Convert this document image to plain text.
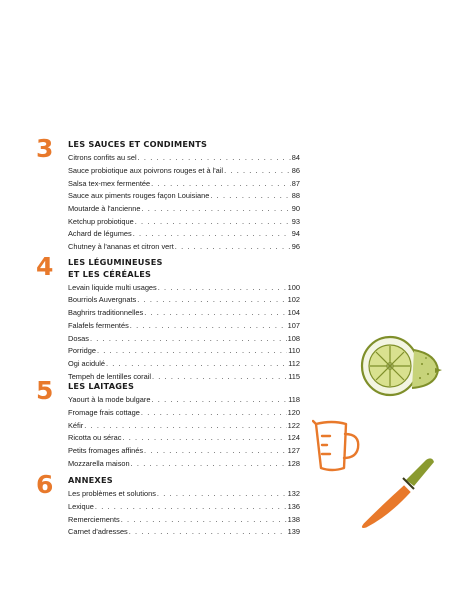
3 LES SAUCES ET CONDIMENTS
Citrons confits au sel . . .	84
Sauce probiotique aux poivrons rouges et à l'ail . . .	86
Salsa tex-mex fermentée . . .	87
Sauce aux piments rouges façon Louisiane . . .	88
Moutarde à l'ancienne . . .	90
Ketchup probiotique . . .	93
Achard de légumes . . .	94
Chutney à l'ananas et citron vert . . .	96
4 LES LÉGUMINEUSES
ET LES CÉRÉALES
Levain liquide multi usages . . .	100
Bourriols Auvergnats . . .	102
Baghrirs traditionnelles . . .	104
Falafels fermentés . . .	107
Dosas . . .	108
Porridge . . .	110
Ogi acidulé . . .	112
Tempeh de lentilles corail . . .	115
5 LES LAITAGES
Yaourt à la mode bulgare . . .	118
Fromage frais cottage . . .	120
Kéfir . . .	122
Ricotta ou sérac . . .	124
Petits fromages affinés . . .	127
Mozzarella maison . . .	128
6 ANNEXES
Les problèmes et solutions . . .	132
Lexique . . .	136
Remerciements . . .	138
Carnet d'adresses . . .	139
